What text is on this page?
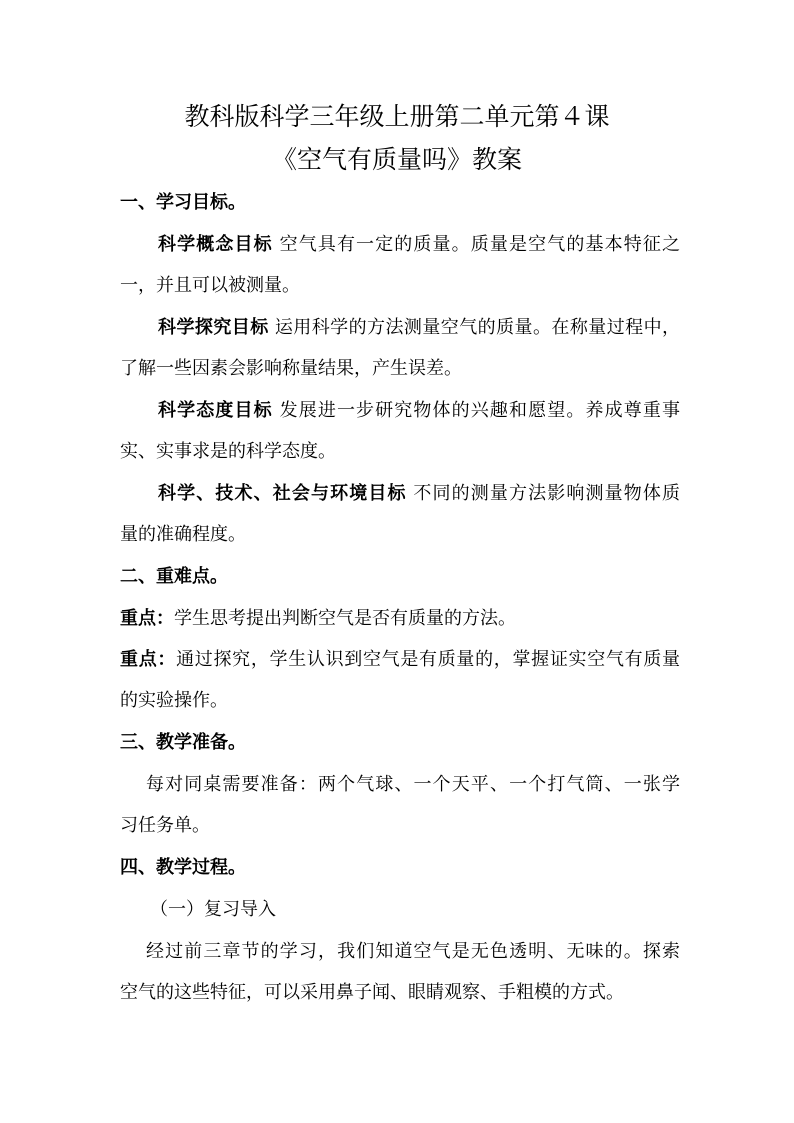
教科版科学三年级上册第二单元第４课
《空气有质量吗》教案
一、学习目标。
科学概念目标 空气具有一定的质量。质量是空气的基本特征之
一，并且可以被测量。
科学探究目标 运用科学的方法测量空气的质量。在称量过程中，
了解一些因素会影响称量结果，产生误差。
科学态度目标 发展进一步研究物体的兴趣和愿望。养成尊重事
实、实事求是的科学态度。
科学、技术、社会与环境目标 不同的测量方法影响测量物体质
量的准确程度。
二、重难点。
重点：学生思考提出判断空气是否有质量的方法。
重点：通过探究，学生认识到空气是有质量的，掌握证实空气有质量
的实验操作。
三、教学准备。
每对同桌需要准备：两个气球、一个天平、一个打气筒、一张学
习任务单。
四、教学过程。
（一）复习导入
经过前三章节的学习，我们知道空气是无色透明、无味的。探索
空气的这些特征，可以采用鼻子闻、眼睛观察、手粗模的方式。
